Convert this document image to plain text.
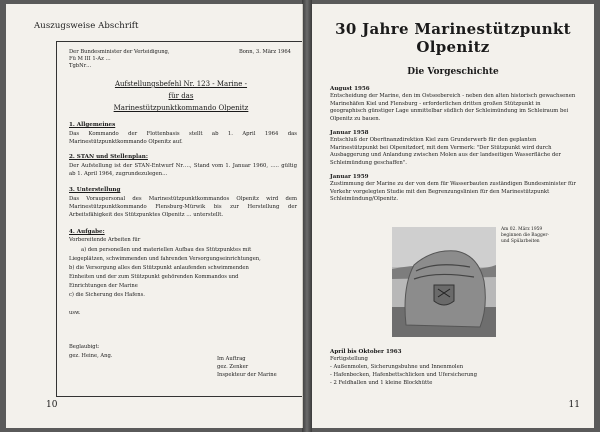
Auszugsweise Abschrift
Der Bundesminister der Verteidigung,
Fü M III 1-Az …
TgbNr…
Bonn, 3. März 1964
Aufstellungsbefehl Nr. 123 - Marine -
für das
Marinestützpunktkommando Olpenitz
1. Allgemeines
Das Kommando der Flottenbasis stellt ab 1. April 1964 das Marinestützpunktkommando Olpenitz auf.
2. STAN und Stellenplan:
Der Aufstellung ist der STAN-Entwurf Nr…., Stand vom 1. Januar 1960, ….. gültig ab 1. April 1964, zugrundezulegen…
3. Unterstellung
Das Voraupersonal des Marinestützpunktkommandos Olpenitz wird dem Marinestützpunktkommando Flensburg-Mürwik bis zur Herstellung der Arbeitsfähigkeit des Stützpunktes Olpenitz … unterstellt.
4. Aufgabe:
Vorbereitende Arbeiten für
a) den personellen und materiellen Aufbau des Stützpunktes mit
Liegeplätzen, schwimmenden und fahrenden Versorgungseinrichtungen,
b) die Versorgung alles den Stützpunkt anlaufenden schwimmenden
Einheiten und der zum Stützpunkt gehörenden Kommandos und
Einrichtungen der Marine
c) die Sicherung des Hafens.
usw.
Beglaubigt:
gez. Heine, Ang.	Im Auftrag
gez. Zenker
Inspekteur der Marine
10
30 Jahre Marinestützpunkt
Olpenitz
Die Vorgeschichte
August 1956
Entscheidung der Marine, den im Ostseebereich - neben den alten historisch gewachsenen Marinehäfen Kiel und Flensburg - erforderlichen dritten großen Stützpunkt in geographisch günstiger Lage unmittelbar südlich der Schleimündung im Schleiraum bei Olpenitz zu bauen.
Januar 1958
Entschluß der Oberfinanzdirektion Kiel zum Grunderwerb für den geplanten Marinestützpunkt bei Olpenitzdorf, mit dem Vermerk: "Der Stützpunkt wird durch Ausbaggerung und Anlandung zwischen Molen aus der landseitigen Wasserfläche der Schleimündung geschaffen".
Januar 1959
Zustimmung der Marine zu der von dem für Wasserbauten zuständigen Bundesminister für Verkehr vorgelegten Studie mit den Begrenzungslinien für den Marinestützpunkt Schleimündung/Olpenitz.
Am 02. März 1959 beginnen die Bagger- und Spülarbeiten
April bis Oktober 1963
Fertigstellung
- Außenmolen, Sicherungsbuhne und Innenmolen
- Hafenbecken, Hafenbettschlicken und Ufersicherung
- 2 Feldhallen und 1 kleine Blockhütte
11
